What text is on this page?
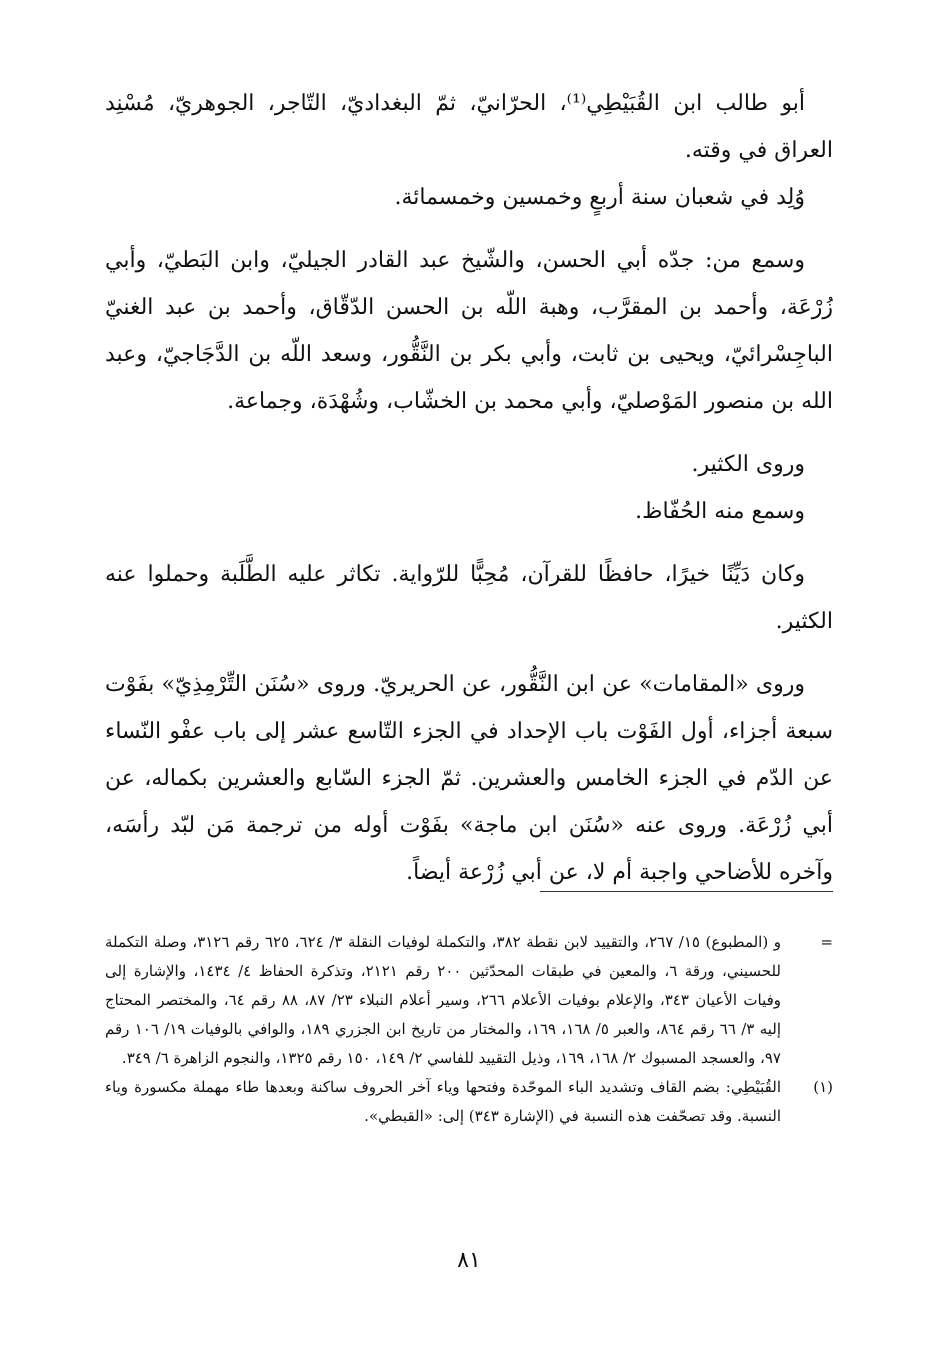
أبو طالب ابن القُبَيْطِي⁽¹⁾، الحرّانيّ، ثمّ البغداديّ، التّاجر، الجوهريّ، مُسْنِد العراق في وقته.

وُلِد في شعبان سنة أربعٍ وخمسين وخمسمائة.

وسمع من: جدّه أبي الحسن، والشّيخ عبد القادر الجيليّ، وابن البَطيّ، وأبي زُرْعَة، وأحمد بن المقرَّب، وهبة اللّه بن الحسن الدّقّاق، وأحمد بن عبد الغنيّ الباجِسْرائيّ، ويحيى بن ثابت، وأبي بكر بن النَّقُّور، وسعد اللّه بن الدَّجَاجيّ، وعبد الله بن منصور المَوْصليّ، وأبي محمد بن الخشّاب، وشُهْدَة، وجماعة.

وروى الكثير.

وسمع منه الحُفّاظ.

وكان دَيِّنًا خيرًا، حافظًا للقرآن، مُحِبًّا للرّواية. تكاثر عليه الطَّلَبة وحملوا عنه الكثير.

وروى «المقامات» عن ابن النَّقُّور، عن الحريريّ. وروى «سُنَن التِّرْمِذِيّ» بفَوْت سبعة أجزاء، أول الفَوْت باب الإحداد في الجزء التّاسع عشر إلى باب عفْو النّساء عن الدّم في الجزء الخامس والعشرين. ثمّ الجزء السّابع والعشرين بكماله، عن أبي زُرْعَة. وروى عنه «سُنَن ابن ماجة» بفَوْت أوله من ترجمة مَن لبّد رأسَه، وآخره للأضاحي واجبة أم لا، عن أبي زُرْعة أيضاً.

=
و (المطبوع) ١٥/ ٢٦٧، والتقييد لابن نقطة ٣٨٢، والتكملة لوفيات النقلة ٣/ ٦٢٤، ٦٢٥ رقم ٣١٢٦، وصلة التكملة للحسيني، ورقة ٦، والمعين في طبقات المحدّثين ٢٠٠ رقم ٢١٢١، وتذكرة الحفاظ ٤/ ١٤٣٤، والإشارة إلى وفيات الأعيان ٣٤٣، والإعلام بوفيات الأعلام ٢٦٦، وسير أعلام النبلاء ٢٣/ ٨٧، ٨٨ رقم ٦٤، والمختصر المحتاج إليه ٣/ ٦٦ رقم ٨٦٤، والعبر ٥/ ١٦٨، ١٦٩، والمختار من تاريخ ابن الجزري ١٨٩، والوافي بالوفيات ١٩/ ١٠٦ رقم ٩٧، والعسجد المسبوك ٢/ ١٦٨، ١٦٩، وذيل التقييد للفاسي ٢/ ١٤٩، ١٥٠ رقم ١٣٢٥، والنجوم الزاهرة ٦/ ٣٤٩.
(١)
القُبَيْطِي: بضم القاف وتشديد الباء الموحّدة وفتحها وياء آخر الحروف ساكنة وبعدها طاء مهملة مكسورة وياء النسبة. وقد تصحّفت هذه النسبة في (الإشارة ٣٤٣) إلى: «القبطي».
٨١
